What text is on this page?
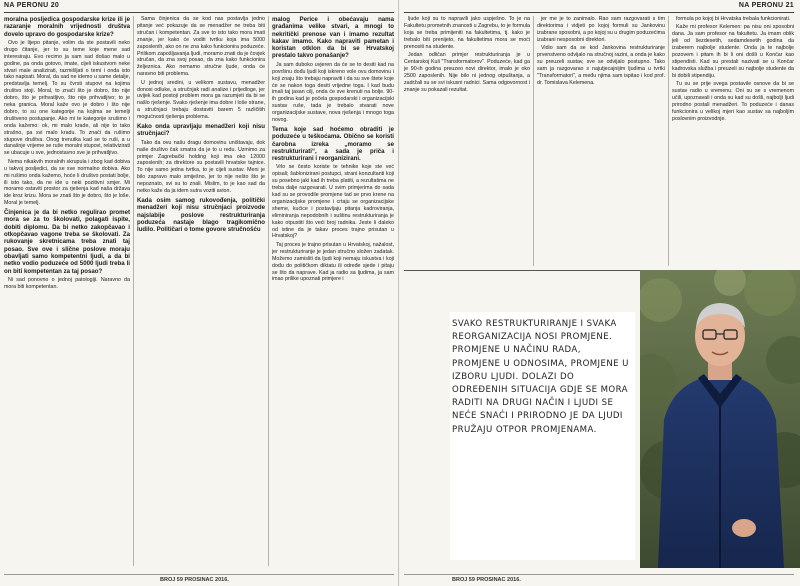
NA PERONU 20

moralna posljedica gospodarske krize ili je razaranje moralnih vrijednosti društva dovelo upravo do gospodarske krize?

Ovo je lijepo pitanje, volim da ste postavili neko drugo čitanje, jer to su teme koje mene sad interesiraju. Evo recimo ja sam sad došao malo u godine, pa onda gotovo, imate, cijeli iskustvom neke stvari male analizirati, razmišljati o temi i onda isto tako napisati. Moral, da sad ne idemo u same detalje, predstavlja temelj. To su čvrsti stupovi na kojima društvo stoji. Moral, to znači što je dobro, što nije dobro, što je prihvatljivo, što nije prihvatljivo; to je neka granica. Moral kaže ovo je dobro i što nije dobro, to su one kategorije na kojima se temelji društveno postupanje. Ako mi te kategorije srušimo i onda kažemo: ok, mi malo krade, ali nije to tako strašno, pa svi malo kradu. To znači da rušimo stupove društva. Onog trenutka kad se to ruši, a u današnje vrijeme se ruše moralni stupovi, relativizirati se ubacuje u sve, jednostavno sve je prihvatljivo.

Nema nikakvih moralnih skrupula i zbog kad dobiva u takvoj posljedici, da se sve normalno dobiva. Ako mi rušimo onda kažemo, hoće li društvo postati bolje, ili isto tako, da ne ide u neki pozitivni smjer. Mi moramo ostaviti prostor za rješenja kad naša država ide kroz krizu. Mora se znati što je dobro, što je loše. Moral je temelj.

Činjenica je da bi netko regulirao promet mora se za to školovati, polagati ispite, dobiti diplomu. Da bi netko zakopčavao i otkopčavao vagone treba se školovati. Za rukovanje skretnicama treba znati taj posao. Sve ove i slične poslove moraju obavljati samo kompetentni ljudi, a da bi netko vodio poduzeće od 5000 ljudi treba li on biti kompetentan za taj posao?

Ni sad ponovno o jednoj patologiji. Naravno da mora biti kompetentan.

Sama činjenica da se kod nas postavlja jedno pitanje već pokazuje da se menadžer ne treba biti stručan i kompetentan. Za sve to isto tako mora imati znanje, jer kako će voditi tvrtku koja ima 5000 zaposlenih, ako on ne zna kako funkcionira poduzeće. Prilikom zapošljavanja ljudi, moramo znati da je čovjek stručan, da zna svoj posao, da zna kako funkcionira željeznica. Ako nemamo stručne ljude, onda će naravno biti problema.

U jednoj sredini, u velikom sustavu, menadžer donosi odluke, a stručnjak radi analize i prijedloge, jer uvijek kad postoji problem mora ga razumjeti da bi se našlo rješenje. Svako rješenje ima dobre i loše strane, a stručnjaci trebaju dostaviti barem 5 različitih mogućnosti rješenja problema.

Kako onda upravljaju menadžeri koji nisu stručnjaci?

Tako da ovu našu dragu domovinu uništavaju, dok naše društvo čak smatra da je to u redu. Uzmimo za primjer Zagrebački holding koji ima oko 12000 zaposlenih; za direktore su postavili hrvatske tajnice. To nije samo jedna tvrtka, to je cijeli sustav. Meni je bilo zapravo malo smiješno, jer to nije nešto što je nepoznato, svi su to znali. Mislim, to je kao sad da netko kaže da ja idem sutra voziti avion.

Kada osim samog rukovođenja, politički menadžeri koji nisu stručnjaci proizvode najslabije poslove restrukturiranja poduzeća nastaje blago tragikomično ludilo. Političari o tome govore stručnošću

malog Perice i obećavaju nama građanima velike stvari, a mnogi to nekritički prenose van i imamo rezultat kakav imamo. Kako napraviti pametan i koristan otklon da bi se Hrvatskoj prestalo takvo ponašanje?

Ja sam duboko uvjeren da će se to desiti kad na površinu dođu ljudi koji iskreno vole ovu domovinu i koji znaju što trebaju napraviti i da su sve štete koje će se nakon toga desiti vrijedne toga. I kad budu imali taj jasan cilj, onda će sve krenuti na bolje. 90-ih godina kad je počela gospodarski i organizacijski sustav ruše, tada je trebalo stvarati nove organizacijske sustave, nova rješenja i mnogo toga novog.

Tema koje sad hoćemo obraditi je poduzeće u teškoćama. Obično se koristi čarobna izreka „moramo se restrukturirati“, a sada je priča i restrukturirani i reorganizirani.

Vrlo se često koriste te tehnike koje ste već opisali; šablonizirani postupci, strani konzultanti koji su posebno jaki kad ih treba platiti, a rezultatima ne treba dalje razgovarati. U svim primjerima do sada kad su se provodile promjene tad se prvo krene na organizacijske promjene i crtaju se organizacijske sheme, kućice i postavljaju pitanja kadroviranja, eliminiranja nepodobnih i suštinu restrukturiranja je kako otpustiti što veći broj radnika. Jeste li daleko od istine da je takav proces trajno prisutan u Hrvatskoj?

Taj proces je trajno prisutan u Hrvatskoj, nažalost, jer restrukturiranje je jedan stručno složen zadatak. Možemo zamisliti da ljudi koji nemaju iskustva i koji dođu do političkom diktatu ili određe sjede i pitaju se što da naprave. Kad ja radio sa ljudima, ja sam imao prilike upoznati primjere i

BROJ 59 PROSINAC 2016.
NA PERONU 21

ljude koji su to napravili jako uspješno. To je na Fakultetu prometnih znanosti u Zagrebu, to je formula koja se treba primijeniti na fakultetima, tj. kako je trebalo biti prenijeto, na fakultetima mora se moći prenositi na studente.

Jedan odličan primjer restrukturiranja je u Centarskoj Kuli "Transformatorov". Poduzeće, kad ga je 90-ih godina preuzeo novi direktor, imalo je oko 2500 zaposlenih. Nije bilo ni jednog otpuštanja, a zadržali su se svi iskusni radnici. Sama odgovornost i znanje su pokazali rezultat.

jer me je to zanimalo. Rao sam razgovarati s tim direktorima i vidjeti po kojoj formuli su Jankovinu izabrane sposobni, a po kojoj su u drugim poduzećima izabrani nesposobni direktori.

Vidio sam da se kod Jankovina restrukturiranje prvenstveno odvijalo na stručnoj razini, a onda je kako su preuzeli sustav, sve se odvijalo postupno. Tako sam ja razgovarao s najutjecajnijim ljudima u tvrtki "Transformatori", a među njima sam ispitao i kod prof. dr. Tomislava Kelemena.

formula po kojoj bi Hrvatska trebala funkcionirati.

Kaže mi profesor Kelemen: pa nisu oni sposobni dana. Ja sam profesor na fakultetu. Ja imam oblik jeli od šezdesetih, sedamdesetih godina da izaberem najbolje studente. Onda ja te najbolje pozovem i pitam ih bi li oni došli u Končar kao stipendisti. Kad su prestali nazivati se u Končar kadrovska služba i preuzeli su najbolje studente da bi dobili stipendiju.

Tu su se prije svega postavile osnove da bi se sustav radio u vremenu. Oni su se s vremenom učili, upoznavali i onda su kad su došli, najbolji ljudi prirodno postali menadžeri. To poduzeće i danas funkcionira u velikoj mjeri kao sustav sa najboljim poslovnim proizvodnje.

BROJ 59 PROSINAC 2016.
SVAKO RESTRUKTURIRANJE I SVAKA REORGANIZACIJA NOSI PROMJENE. PROMJENE U NAČINU RADA, PROMJENE U ODNOSIMA, PROMJENE U IZBORU LJUDI. DOLAZI DO ODREĐENIH SITUACIJA GDJE SE MORA RADITI NA DRUGI NAČIN I LJUDI SE NEĆE SNAĆI I PRIRODNO JE DA LJUDI PRUŽAJU OTPOR PROMJENAMA.
